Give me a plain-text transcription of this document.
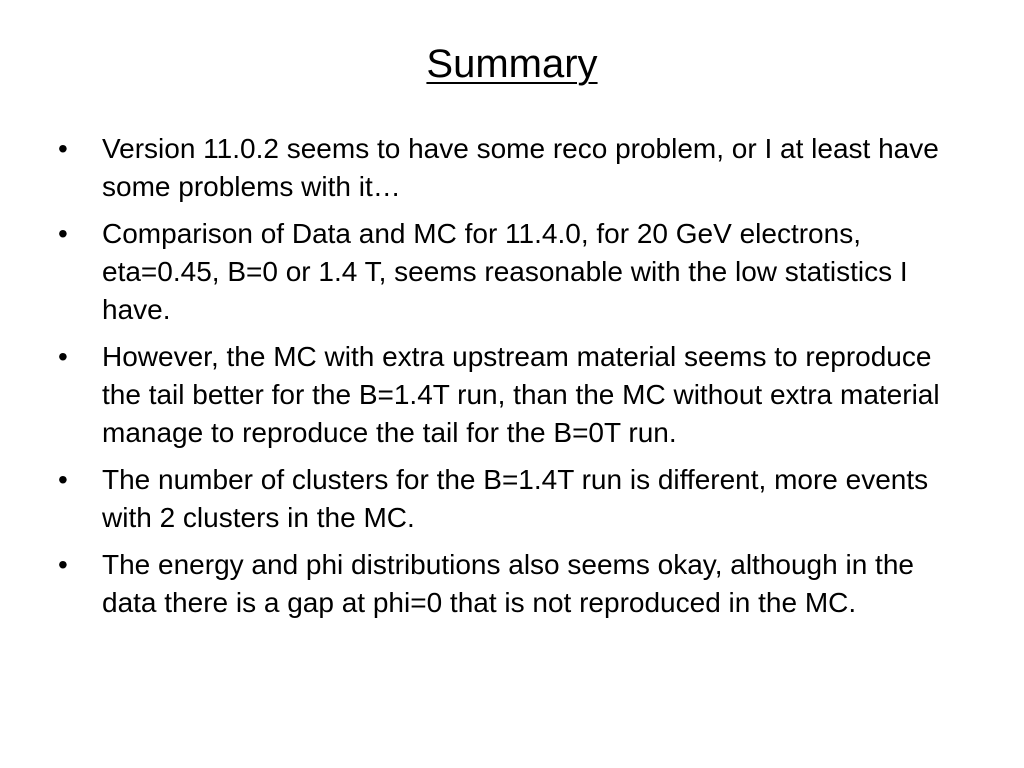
Summary
•	Version 11.0.2 seems to have some reco problem, or I at least have some problems with it…
•	Comparison of Data and MC for 11.4.0, for 20 GeV electrons, eta=0.45, B=0 or 1.4 T, seems reasonable with the low statistics I have.
•	However, the MC with extra upstream material seems to reproduce the tail better for the B=1.4T run, than the MC without extra material manage to reproduce the tail for the B=0T run.
•	The number of clusters for the B=1.4T run is different, more events with 2 clusters in the MC.
•	The energy and phi distributions also seems okay, although in the data there is a gap at phi=0 that is not reproduced in the MC.
